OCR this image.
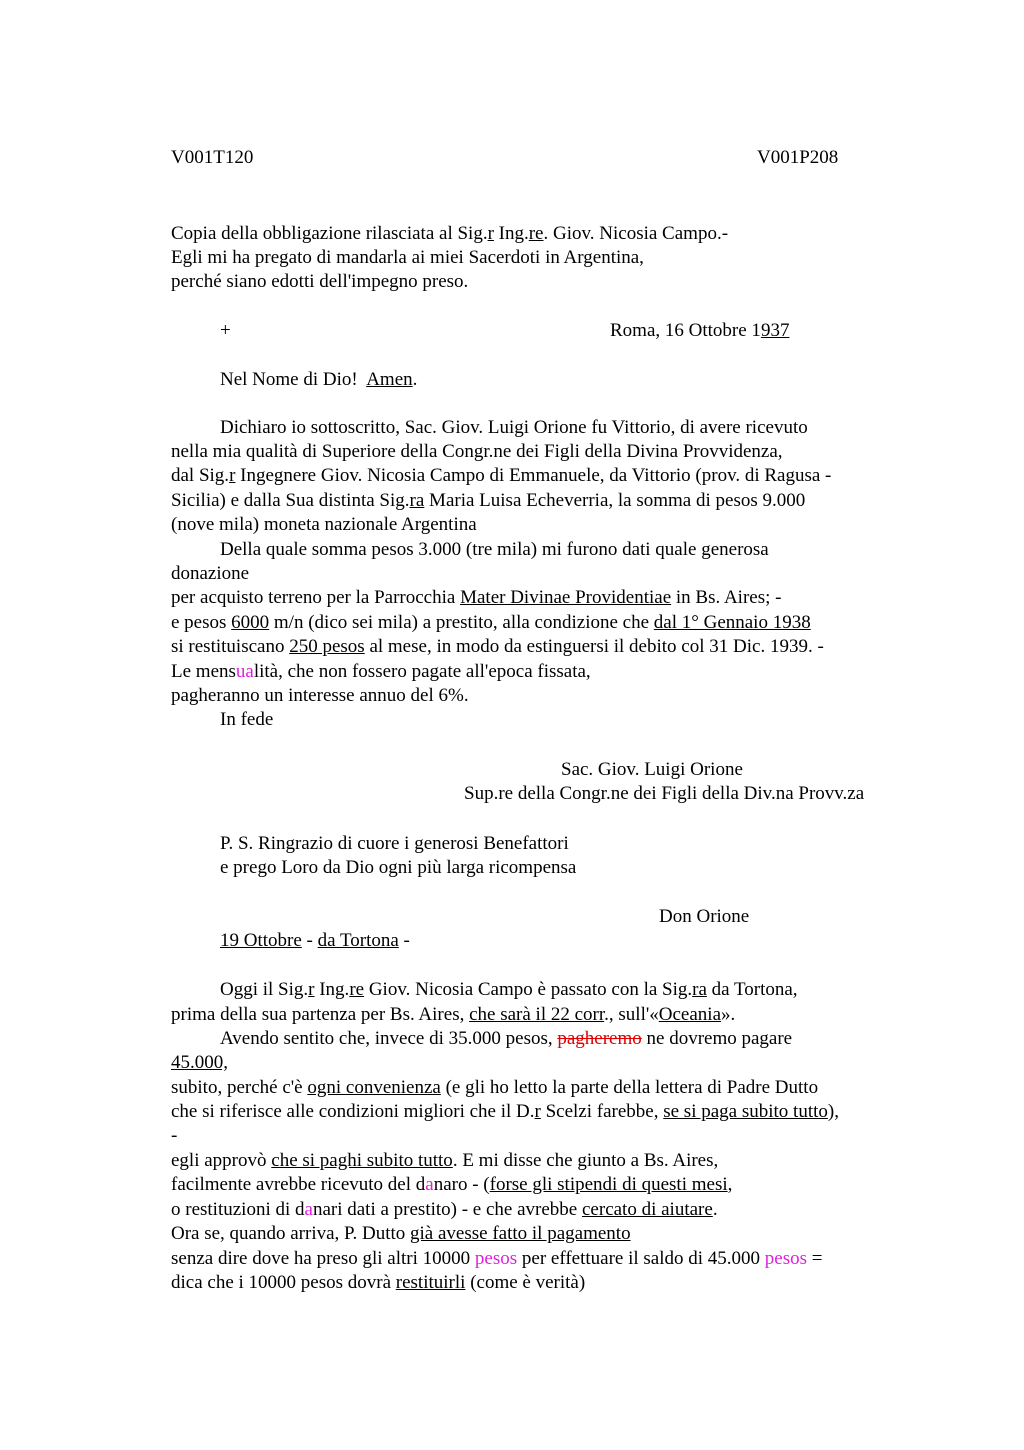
V001T120	V001P208
Copia della obbligazione rilasciata al Sig.r Ing.re. Giov. Nicosia Campo.-
Egli mi ha pregato di mandarla ai miei Sacerdoti in Argentina,
perché siano edotti dell'impegno preso.
+	Roma, 16 Ottobre 1937
Nel Nome di Dio!  Amen.
Dichiaro io sottoscritto, Sac. Giov. Luigi Orione fu Vittorio, di avere ricevuto
nella mia qualità di Superiore della Congr.ne dei Figli della Divina Provvidenza,
dal Sig.r Ingegnere Giov. Nicosia Campo di Emmanuele, da Vittorio (prov. di Ragusa -
Sicilia) e dalla Sua distinta Sig.ra Maria Luisa Echeverria, la somma di pesos 9.000
(nove mila) moneta nazionale Argentina
Della quale somma pesos 3.000 (tre mila) mi furono dati quale generosa
donazione
per acquisto terreno per la Parrocchia Mater Divinae Providentiae in Bs. Aires; -
e pesos 6000 m/n (dico sei mila) a prestito, alla condizione che dal 1° Gennaio 1938
si restituiscano 250 pesos al mese, in modo da estinguersi il debito col 31 Dic. 1939. -
Le mensualità, che non fossero pagate all'epoca fissata,
pagheranno un interesse annuo del 6%.
In fede
Sac. Giov. Luigi Orione
Sup.re della Congr.ne dei Figli della Div.na Provv.za
P. S. Ringrazio di cuore i generosi Benefattori
e prego Loro da Dio ogni più larga ricompensa
Don Orione
19 Ottobre - da Tortona -
Oggi il Sig.r Ing.re Giov. Nicosia Campo è passato con la Sig.ra da Tortona,
prima della sua partenza per Bs. Aires, che sarà il 22 corr., sull'«Oceania».
Avendo sentito che, invece di 35.000 pesos, pagheremo ne dovremo pagare
45.000,
subito, perché c'è ogni convenienza (e gli ho letto la parte della lettera di Padre Dutto
che si riferisce alle condizioni migliori che il D.r Scelzi farebbe, se si paga subito tutto),
-
egli approvò che si paghi subito tutto. E mi disse che giunto a Bs. Aires,
facilmente avrebbe ricevuto del danaro - (forse gli stipendi di questi mesi,
o restituzioni di danari dati a prestito) - e che avrebbe cercato di aiutare.
Ora se, quando arriva, P. Dutto già avesse fatto il pagamento
senza dire dove ha preso gli altri 10000 pesos per effettuare il saldo di 45.000 pesos =
dica che i 10000 pesos dovrà restituirli (come è verità)
